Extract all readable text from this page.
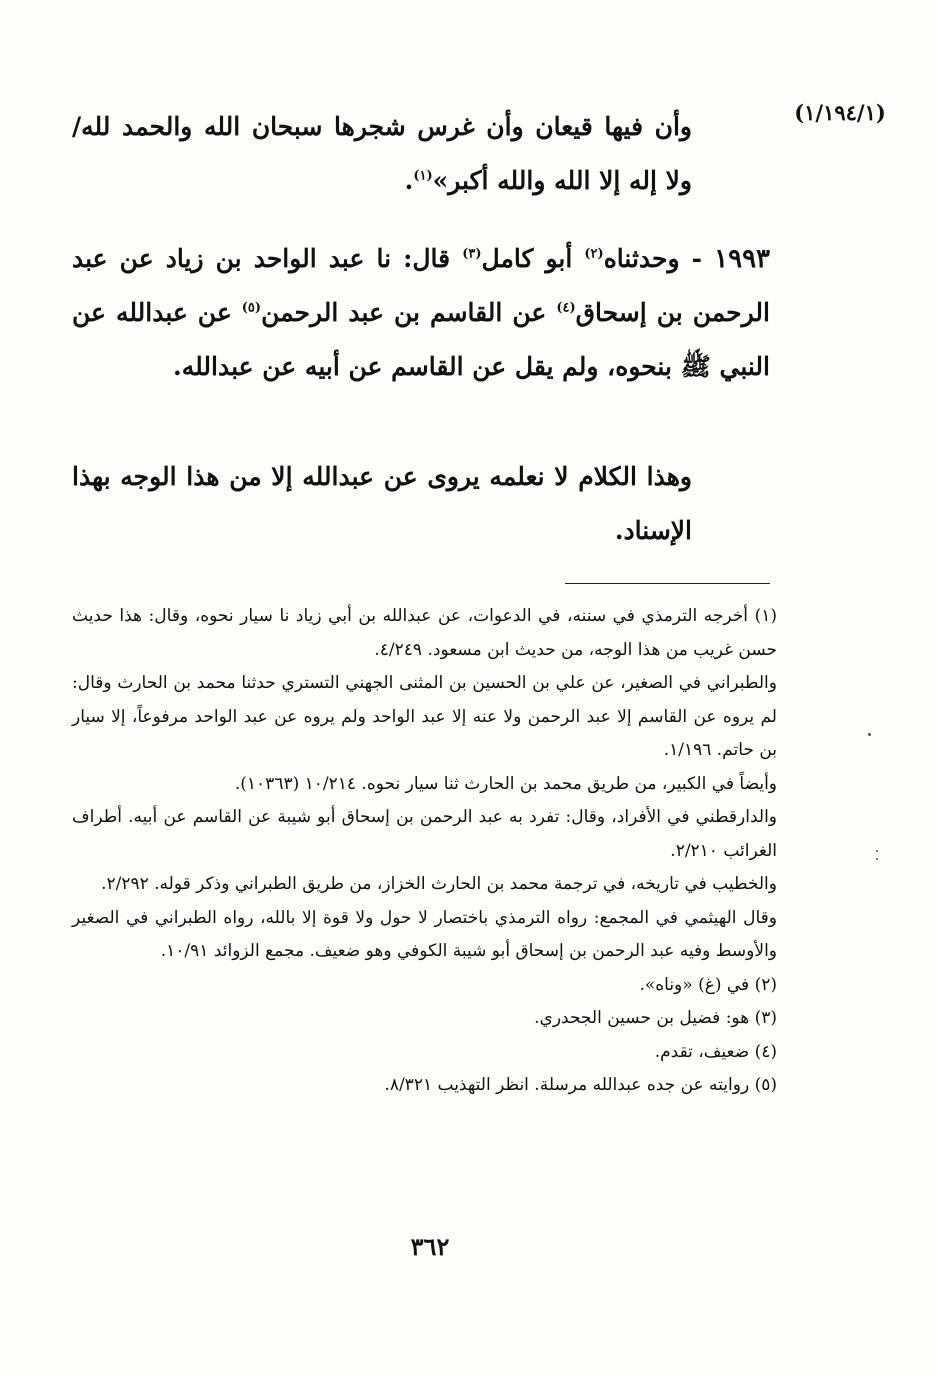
(١/١٩٤/١)

وأن فيها قيعان وأن غرس شجرها سبحان الله والحمد لله/ ولا إله إلا الله والله أكبر»$^{(١)}$.

١٩٩٣ - وحدثناه$^{(٢)}$ أبو كامل$^{(٣)}$ قال: نا عبد الواحد بن زياد عن عبد الرحمن بن إسحاق$^{(٤)}$ عن القاسم بن عبد الرحمن$^{(٥)}$ عن عبدالله عن النبي ﷺ بنحوه، ولم يقل عن القاسم عن أبيه عن عبدالله.

وهذا الكلام لا نعلمه يروى عن عبدالله إلا من هذا الوجه بهذا الإسناد.

(١) أخرجه الترمذي في سننه، في الدعوات، عن عبدالله بن أبي زياد نا سيار نحوه، وقال: هذا حديث حسن غريب من هذا الوجه، من حديث ابن مسعود. ٤/٢٤٩.

والطبراني في الصغير، عن علي بن الحسين بن المثنى الجهني التستري حدثنا محمد بن الحارث وقال: لم يروه عن القاسم إلا عبد الرحمن ولا عنه إلا عبد الواحد ولم يروه عن عبد الواحد مرفوعاً، إلا سيار بن حاتم. ١/١٩٦.

وأيضاً في الكبير، من طريق محمد بن الحارث ثنا سيار نحوه. ١٠/٢١٤ (١٠٣٦٣).

والدارقطني في الأفراد، وقال: تفرد به عبد الرحمن بن إسحاق أبو شيبة عن القاسم عن أبيه. أطراف الغرائب ٢/٢١٠.

والخطيب في تاريخه، في ترجمة محمد بن الحارث الخزاز، من طريق الطبراني وذكر قوله. ٢/٢٩٢.

وقال الهيثمي في المجمع: رواه الترمذي باختصار لا حول ولا قوة إلا بالله، رواه الطبراني في الصغير والأوسط وفيه عبد الرحمن بن إسحاق أبو شيبة الكوفي وهو ضعيف. مجمع الزوائد ١٠/٩١.

(٢) في (غ) «وناه».

(٣) هو: فضيل بن حسين الجحدري.

(٤) ضعيف، تقدم.

(٥) روايته عن جده عبدالله مرسلة. انظر التهذيب ٨/٣٢١.

٣٦٢
